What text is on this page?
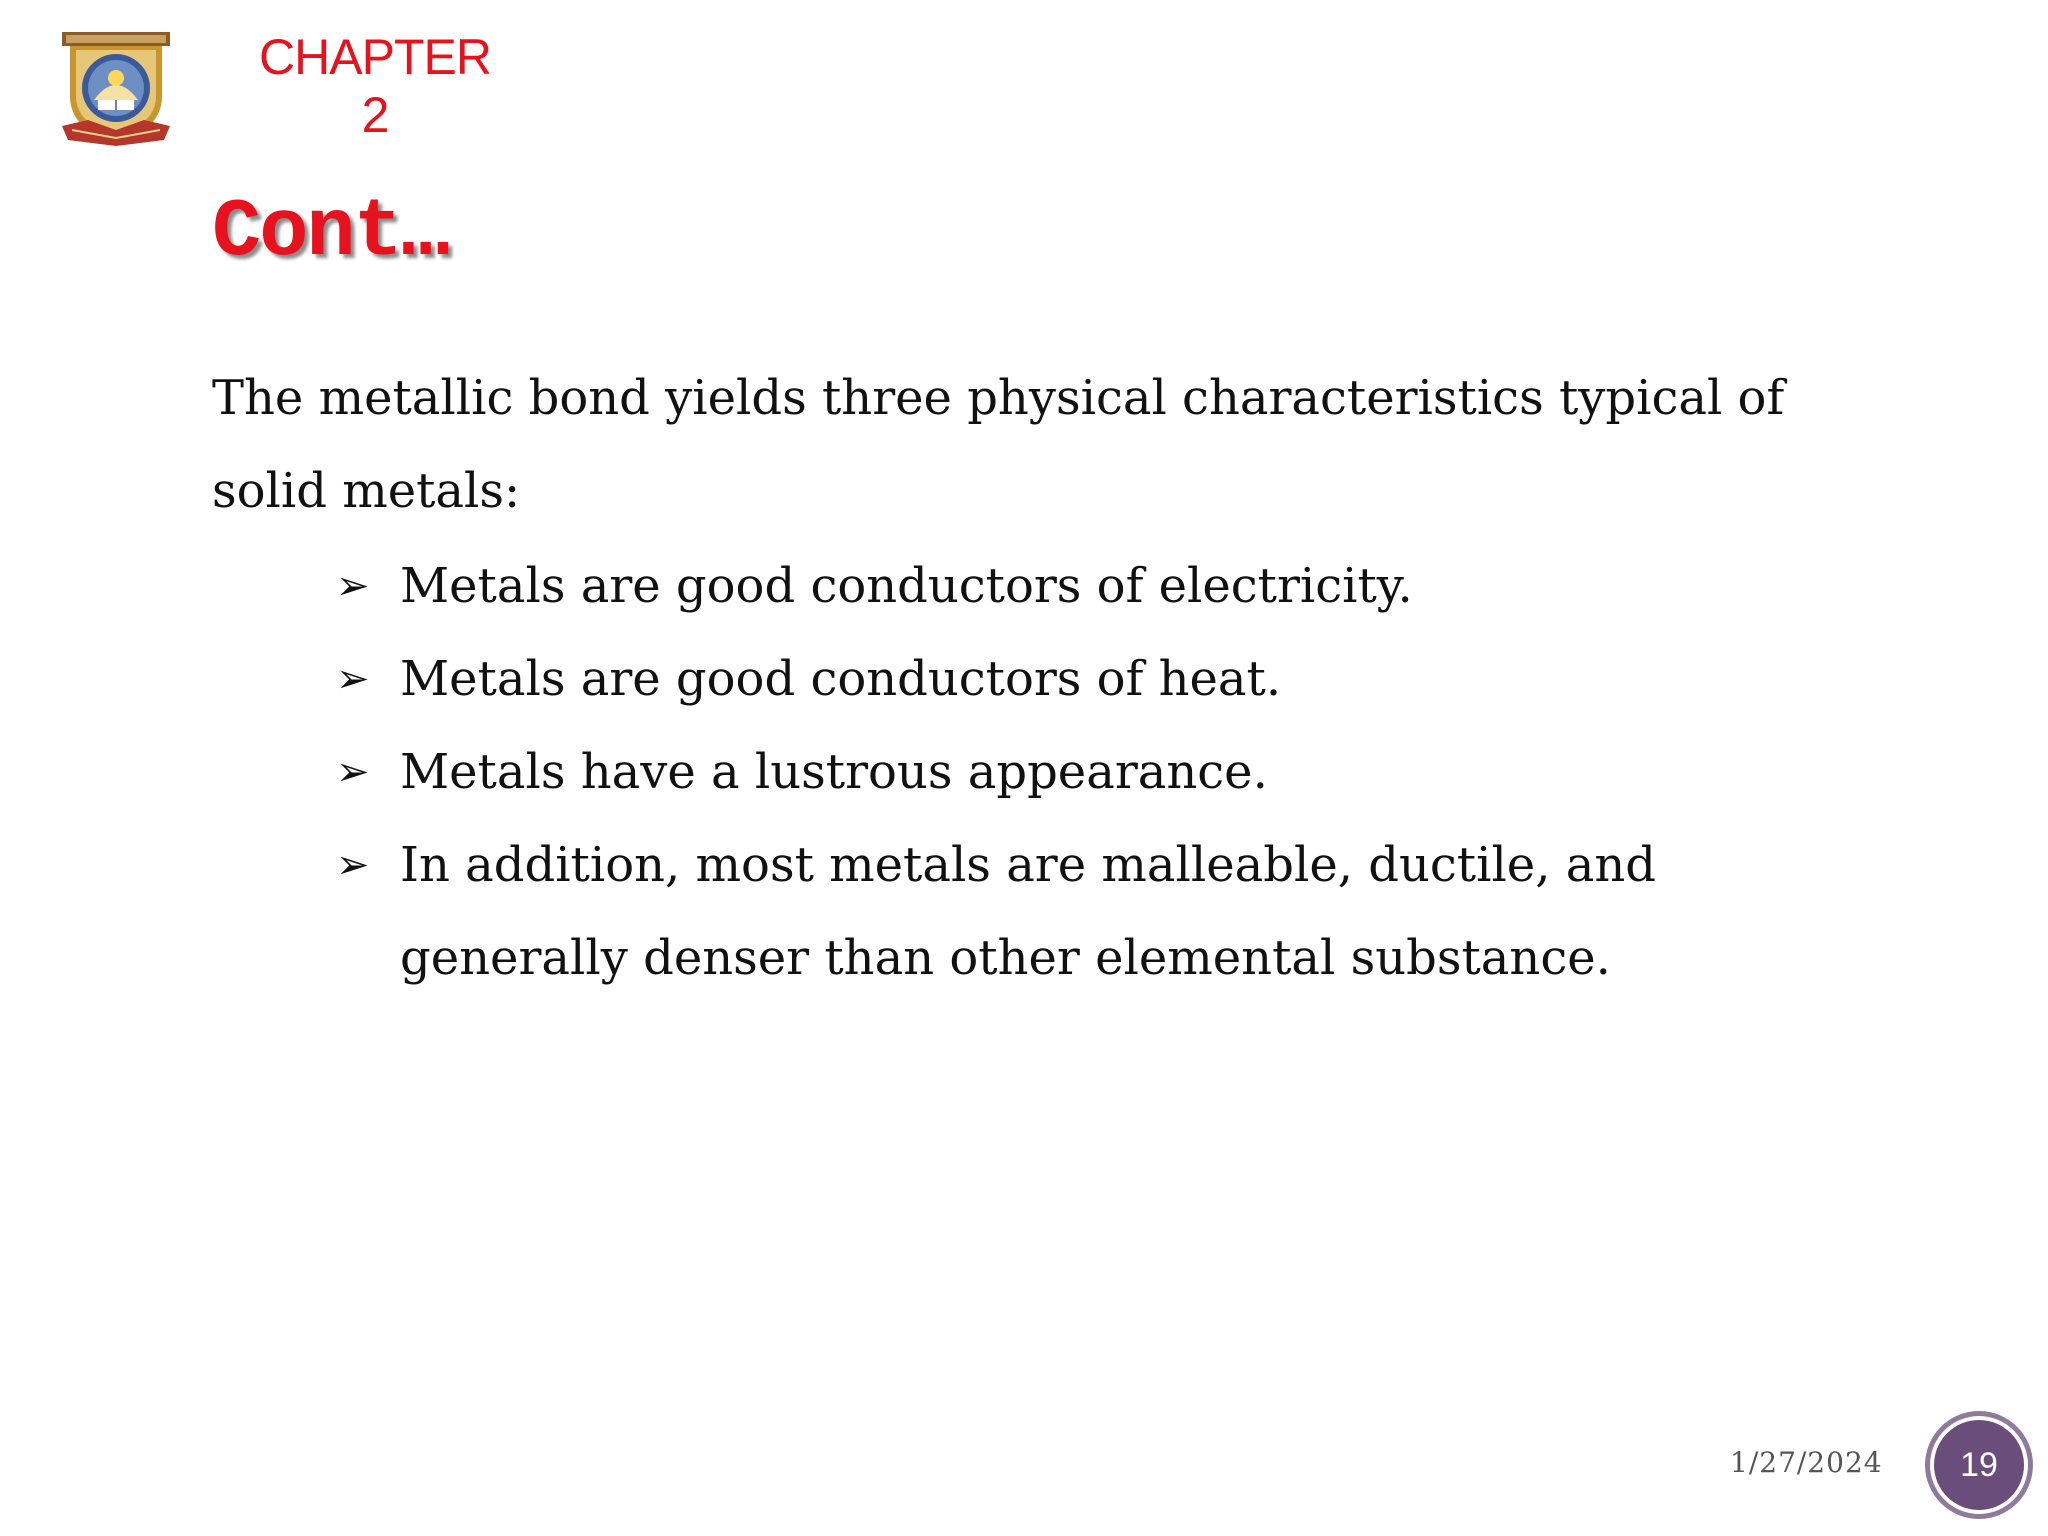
CHAPTER
2
Cont…

The metallic bond yields three physical characteristics typical of solid metals:

➢ Metals are good conductors of electricity.
➢ Metals are good conductors of heat.
➢ Metals have a lustrous appearance.
➢ In addition, most metals are malleable, ductile, and generally denser than other elemental substance.
1/27/2024 19
